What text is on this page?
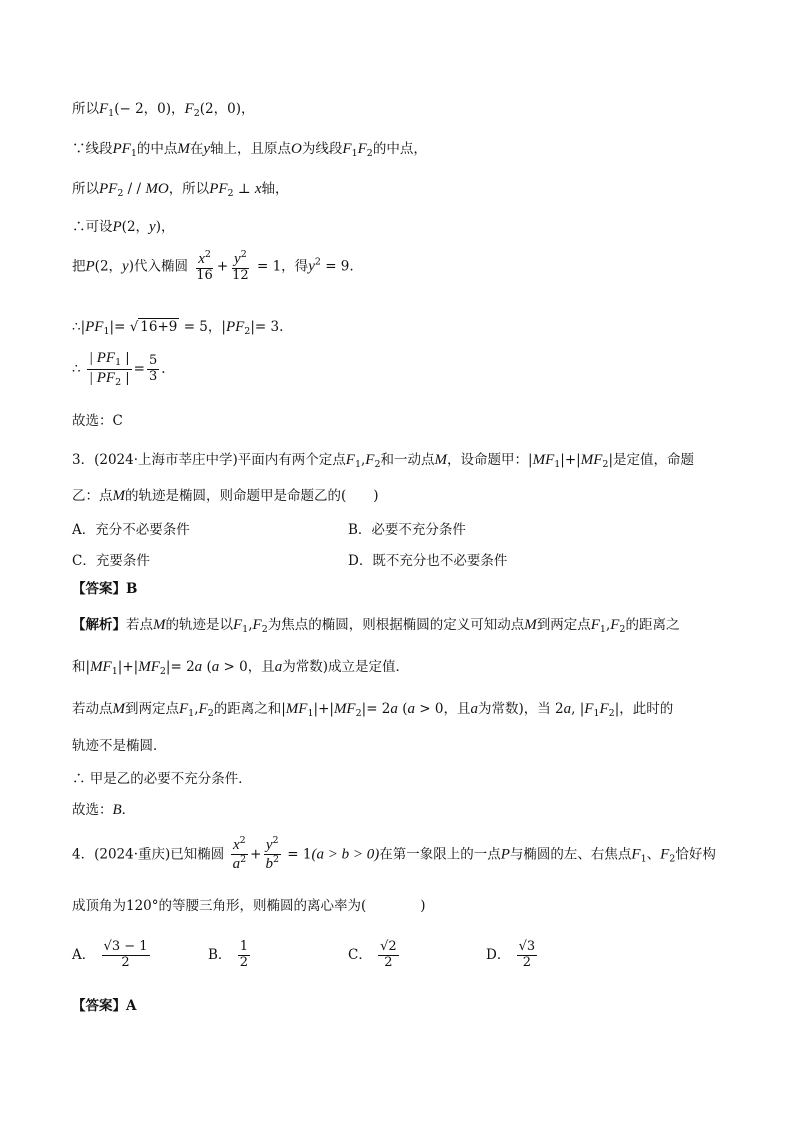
所以$F_1(- 2$，0)，$F_2(2$，0)，
∵线段$PF_1$的中点M在y轴上，且原点O为线段$F_1F_2$的中点，
所以$PF_2$ / / MO，所以$PF_2$ ⊥ x轴，
∴可设P(2，y)，
把P(2，y)代入椭圆 $\frac{x^2}{16} + \frac{y^2}{12} = 1$，得$y^2 = 9$.
$\therefore|PF_1|=$ √ 16+9 = 5，$|PF_2|= 3$.
∴ $\frac{| PF_1 |}{| PF_2 |} = \frac{5}{3}$ .
故选：C
3．(2024·上海市莘庄中学)平面内有两个定点$F_1,F_2$和一动点M，设命题甲：$|MF_1|+|MF_2|$是定值，命题
乙：点M的轨迹是椭圆，则命题甲是命题乙的(　　)
A．充分不必要条件	B．必要不充分条件
C．充要条件	D．既不充分也不必要条件
【答案】B
【解析】若点M的轨迹是以$F_1,F_2$为焦点的椭圆，则根据椭圆的定义可知动点M到两定点$F_1,F_2$的距离之
和$|MF_1|+|MF_2|= 2a$ (a > 0，且a为常数)成立是定值．
若动点M到两定点$F_1,F_2$的距离之和$|MF_1|+|MF_2|= 2a$ (a > 0，且a为常数)，当 2a, $|F_1F_2|$，此时的
轨迹不是椭圆．
∴ 甲是乙的必要不充分条件．
故选：B．
4．(2024·重庆)已知椭圆 $\frac{x^2}{a^2} + \frac{y^2}{b^2} = 1(a > b > 0)$在第一象限上的一点P与椭圆的左、右焦点$F_1$、$F_2$恰好构
成顶角为120°的等腰三角形，则椭圆的离心率为(　　　　)
A． $\frac{√3 - 1}{2}$	B． $\frac{1}{2}$	C． $\frac{√2}{2}$	D． $\frac{√3}{2}$
【答案】A
